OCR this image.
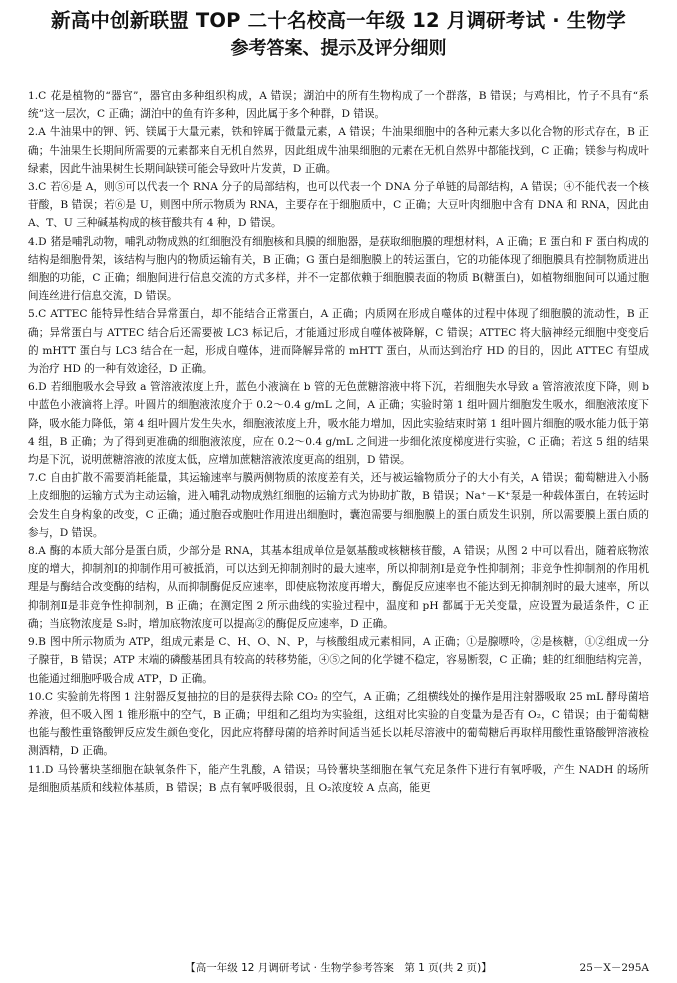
新高中创新联盟 TOP 二十名校高一年级 12 月调研考试 · 生物学
参考答案、提示及评分细则

1.C 花是植物的“器官”，器官由多种组织构成，A 错误；湖泊中的所有生物构成了一个群落，B 错误；与鸡相比，竹子不具有“系统”这一层次，C 正确；湖泊中的鱼有许多种，因此属于多个种群，D 错误。

2.A 牛油果中的钾、钙、镁属于大量元素，铁和锌属于微量元素，A 错误；牛油果细胞中的各种元素大多以化合物的形式存在，B 正确；牛油果生长期间所需要的元素都来自无机自然界，因此组成牛油果细胞的元素在无机自然界中都能找到，C 正确；镁参与构成叶绿素，因此牛油果树生长期间缺镁可能会导致叶片发黄，D 正确。

3.C 若⑥是 A，则⑤可以代表一个 RNA 分子的局部结构，也可以代表一个 DNA 分子单链的局部结构，A 错误；④不能代表一个核苷酸，B 错误；若⑥是 U，则图中所示物质为 RNA，主要存在于细胞质中，C 正确；大豆叶肉细胞中含有 DNA 和 RNA，因此由 A、T、U 三种碱基构成的核苷酸共有 4 种，D 错误。

4.D 猪是哺乳动物，哺乳动物成熟的红细胞没有细胞核和具膜的细胞器，是获取细胞膜的理想材料，A 正确；E 蛋白和 F 蛋白构成的结构是细胞骨架，该结构与胞内的物质运输有关，B 正确；G 蛋白是细胞膜上的转运蛋白，它的功能体现了细胞膜具有控制物质进出细胞的功能，C 正确；细胞间进行信息交流的方式多样，并不一定都依赖于细胞膜表面的物质 B(糖蛋白)，如植物细胞间可以通过胞间连丝进行信息交流，D 错误。

5.C ATTEC 能特异性结合异常蛋白，却不能结合正常蛋白，A 正确；内质网在形成自噬体的过程中体现了细胞膜的流动性，B 正确；异常蛋白与 ATTEC 结合后还需要被 LC3 标记后，才能通过形成自噬体被降解，C 错误；ATTEC 将大脑神经元细胞中变变后的 mHTT 蛋白与 LC3 结合在一起，形成自噬体，进而降解异常的 mHTT 蛋白，从而达到治疗 HD 的目的，因此 ATTEC 有望成为治疗 HD 的一种有效途径，D 正确。

6.D 若细胞吸水会导致 a 管溶液浓度上升，蓝色小液滴在 b 管的无色蔗糖溶液中将下沉，若细胞失水导致 a 管溶液浓度下降，则 b 中蓝色小液滴将上浮。叶圆片的细胞液浓度介于 0.2～0.4 g/mL 之间，A 正确；实验时第 1 组叶圆片细胞发生吸水，细胞液浓度下降，吸水能力降低，第 4 组叶圆片发生失水，细胞液浓度上升，吸水能力增加，因此实验结束时第 1 组叶圆片细胞的吸水能力低于第 4 组，B 正确；为了得到更准确的细胞液浓度，应在 0.2～0.4 g/mL 之间进一步细化浓度梯度进行实验，C 正确；若这 5 组的结果均是下沉，说明蔗糖溶液的浓度太低，应增加蔗糖溶液浓度更高的组别，D 错误。

7.C 自由扩散不需要消耗能量，其运输速率与膜两侧物质的浓度差有关，还与被运输物质分子的大小有关，A 错误；葡萄糖进入小肠上皮细胞的运输方式为主动运输，进入哺乳动物成熟红细胞的运输方式为协助扩散，B 错误；Na⁺－K⁺泵是一种载体蛋白，在转运时会发生自身构象的改变，C 正确；通过胞吞或胞吐作用进出细胞时，囊泡需要与细胞膜上的蛋白质发生识别，所以需要膜上蛋白质的参与，D 错误。

8.A 酶的本质大部分是蛋白质，少部分是 RNA，其基本组成单位是氨基酸或核糖核苷酸，A 错误；从图 2 中可以看出，随着底物浓度的增大，抑制剂Ⅰ的抑制作用可被抵消，可以达到无抑制剂时的最大速率，所以抑制剂Ⅰ是竞争性抑制剂；非竞争性抑制剂的作用机理是与酶结合改变酶的结构，从而抑制酶促反应速率，即使底物浓度再增大，酶促反应速率也不能达到无抑制剂时的最大速率，所以抑制剂Ⅱ是非竞争性抑制剂，B 正确；在测定图 2 所示曲线的实验过程中，温度和 pH 都属于无关变量，应设置为最适条件，C 正确；当底物浓度是 S₂时，增加底物浓度可以提高②的酶促反应速率，D 正确。

9.B 图中所示物质为 ATP，组成元素是 C、H、O、N、P，与核酸组成元素相同，A 正确；①是腺嘌呤，②是核糖，①②组成一分子腺苷，B 错误；ATP 末端的磷酸基团具有较高的转移势能，④⑤之间的化学键不稳定，容易断裂，C 正确；蛙的红细胞结构完善，也能通过细胞呼吸合成 ATP，D 正确。

10.C 实验前先将图 1 注射器反复抽拉的目的是获得去除 CO₂ 的空气，A 正确；乙组横线处的操作是用注射器吸取 25 mL 酵母菌培养液，但不吸入图 1 锥形瓶中的空气，B 正确；甲组和乙组均为实验组，这组对比实验的自变量为是否有 O₂，C 错误；由于葡萄糖也能与酸性重铬酸钾反应发生颜色变化，因此应将酵母菌的培养时间适当延长以耗尽溶液中的葡萄糖后再取样用酸性重铬酸钾溶液检测酒精，D 正确。

11.D 马铃薯块茎细胞在缺氧条件下，能产生乳酸，A 错误；马铃薯块茎细胞在氧气充足条件下进行有氧呼吸，产生 NADH 的场所是细胞质基质和线粒体基质，B 错误；B 点有氧呼吸很弱，且 O₂浓度较 A 点高，能更

【高一年级 12 月调研考试 · 生物学参考答案　第 1 页(共 2 页)】	25－X－295A
